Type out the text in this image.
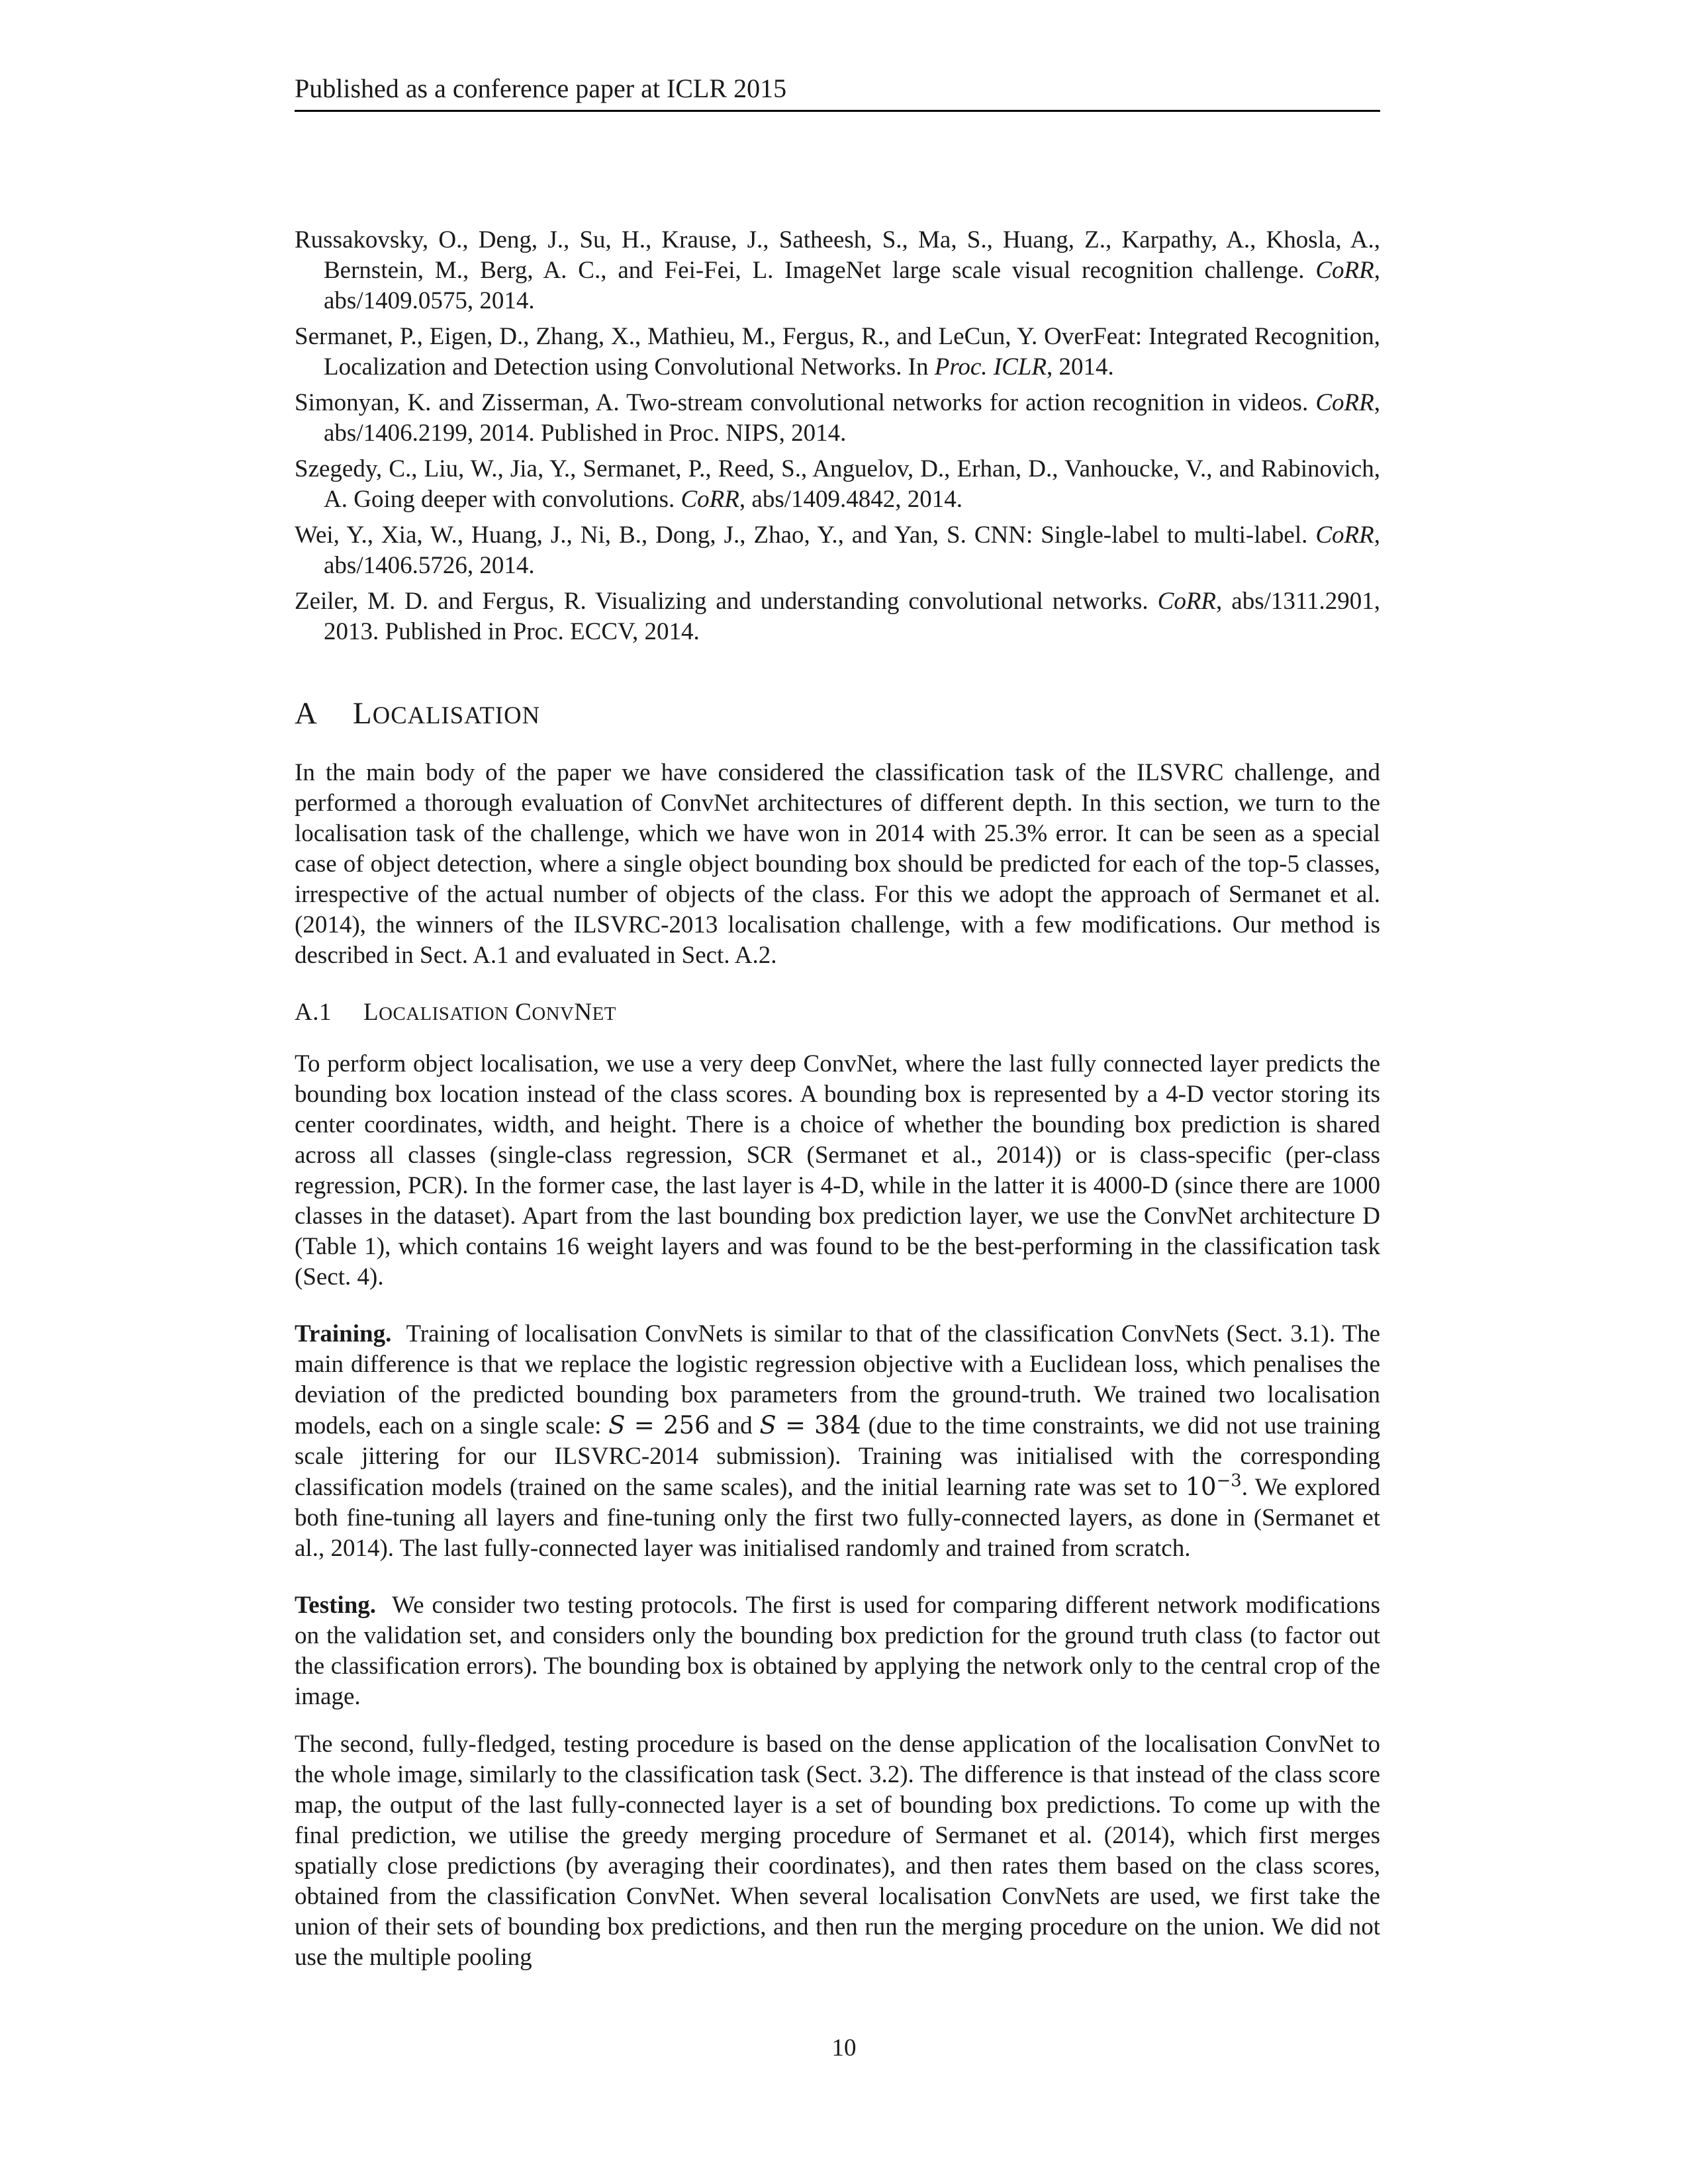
Published as a conference paper at ICLR 2015
Russakovsky, O., Deng, J., Su, H., Krause, J., Satheesh, S., Ma, S., Huang, Z., Karpathy, A., Khosla, A., Bernstein, M., Berg, A. C., and Fei-Fei, L. ImageNet large scale visual recognition challenge. CoRR, abs/1409.0575, 2014.
Sermanet, P., Eigen, D., Zhang, X., Mathieu, M., Fergus, R., and LeCun, Y. OverFeat: Integrated Recognition, Localization and Detection using Convolutional Networks. In Proc. ICLR, 2014.
Simonyan, K. and Zisserman, A. Two-stream convolutional networks for action recognition in videos. CoRR, abs/1406.2199, 2014. Published in Proc. NIPS, 2014.
Szegedy, C., Liu, W., Jia, Y., Sermanet, P., Reed, S., Anguelov, D., Erhan, D., Vanhoucke, V., and Rabinovich, A. Going deeper with convolutions. CoRR, abs/1409.4842, 2014.
Wei, Y., Xia, W., Huang, J., Ni, B., Dong, J., Zhao, Y., and Yan, S. CNN: Single-label to multi-label. CoRR, abs/1406.5726, 2014.
Zeiler, M. D. and Fergus, R. Visualizing and understanding convolutional networks. CoRR, abs/1311.2901, 2013. Published in Proc. ECCV, 2014.
A LOCALISATION

In the main body of the paper we have considered the classification task of the ILSVRC challenge, and performed a thorough evaluation of ConvNet architectures of different depth. In this section, we turn to the localisation task of the challenge, which we have won in 2014 with 25.3% error. It can be seen as a special case of object detection, where a single object bounding box should be predicted for each of the top-5 classes, irrespective of the actual number of objects of the class. For this we adopt the approach of Sermanet et al. (2014), the winners of the ILSVRC-2013 localisation challenge, with a few modifications. Our method is described in Sect. A.1 and evaluated in Sect. A.2.

A.1 LOCALISATION CONVNET

To perform object localisation, we use a very deep ConvNet, where the last fully connected layer predicts the bounding box location instead of the class scores. A bounding box is represented by a 4-D vector storing its center coordinates, width, and height. There is a choice of whether the bounding box prediction is shared across all classes (single-class regression, SCR (Sermanet et al., 2014)) or is class-specific (per-class regression, PCR). In the former case, the last layer is 4-D, while in the latter it is 4000-D (since there are 1000 classes in the dataset). Apart from the last bounding box prediction layer, we use the ConvNet architecture D (Table 1), which contains 16 weight layers and was found to be the best-performing in the classification task (Sect. 4).

Training. Training of localisation ConvNets is similar to that of the classification ConvNets (Sect. 3.1). The main difference is that we replace the logistic regression objective with a Euclidean loss, which penalises the deviation of the predicted bounding box parameters from the ground-truth. We trained two localisation models, each on a single scale: S = 256 and S = 384 (due to the time constraints, we did not use training scale jittering for our ILSVRC-2014 submission). Training was initialised with the corresponding classification models (trained on the same scales), and the initial learning rate was set to $10^{-3}$. We explored both fine-tuning all layers and fine-tuning only the first two fully-connected layers, as done in (Sermanet et al., 2014). The last fully-connected layer was initialised randomly and trained from scratch.

Testing. We consider two testing protocols. The first is used for comparing different network modifications on the validation set, and considers only the bounding box prediction for the ground truth class (to factor out the classification errors). The bounding box is obtained by applying the network only to the central crop of the image.

The second, fully-fledged, testing procedure is based on the dense application of the localisation ConvNet to the whole image, similarly to the classification task (Sect. 3.2). The difference is that instead of the class score map, the output of the last fully-connected layer is a set of bounding box predictions. To come up with the final prediction, we utilise the greedy merging procedure of Sermanet et al. (2014), which first merges spatially close predictions (by averaging their coordinates), and then rates them based on the class scores, obtained from the classification ConvNet. When several localisation ConvNets are used, we first take the union of their sets of bounding box predictions, and then run the merging procedure on the union. We did not use the multiple pooling

10
